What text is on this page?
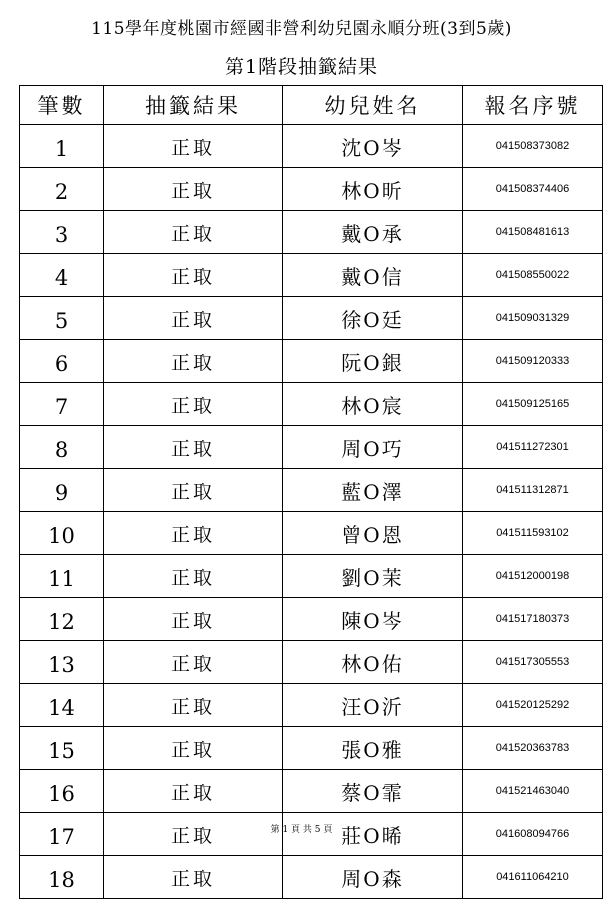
115學年度桃園市經國非營利幼兒園永順分班(3到5歲)
第1階段抽籤結果
筆數	抽籤結果	幼兒姓名	報名序號
1	正取	沈O岑	041508373082
2	正取	林O昕	041508374406
3	正取	戴O承	041508481613
4	正取	戴O信	041508550022
5	正取	徐O廷	041509031329
6	正取	阮O銀	041509120333
7	正取	林O宸	041509125165
8	正取	周O巧	041511272301
9	正取	藍O澤	041511312871
10	正取	曾O恩	041511593102
11	正取	劉O茉	041512000198
12	正取	陳O岑	041517180373
13	正取	林O佑	041517305553
14	正取	汪O沂	041520125292
15	正取	張O雅	041520363783
16	正取	蔡O霏	041521463040
17	正取	莊O晞	041608094766
18	正取	周O森	041611064210
第 1 頁 共 5 頁
